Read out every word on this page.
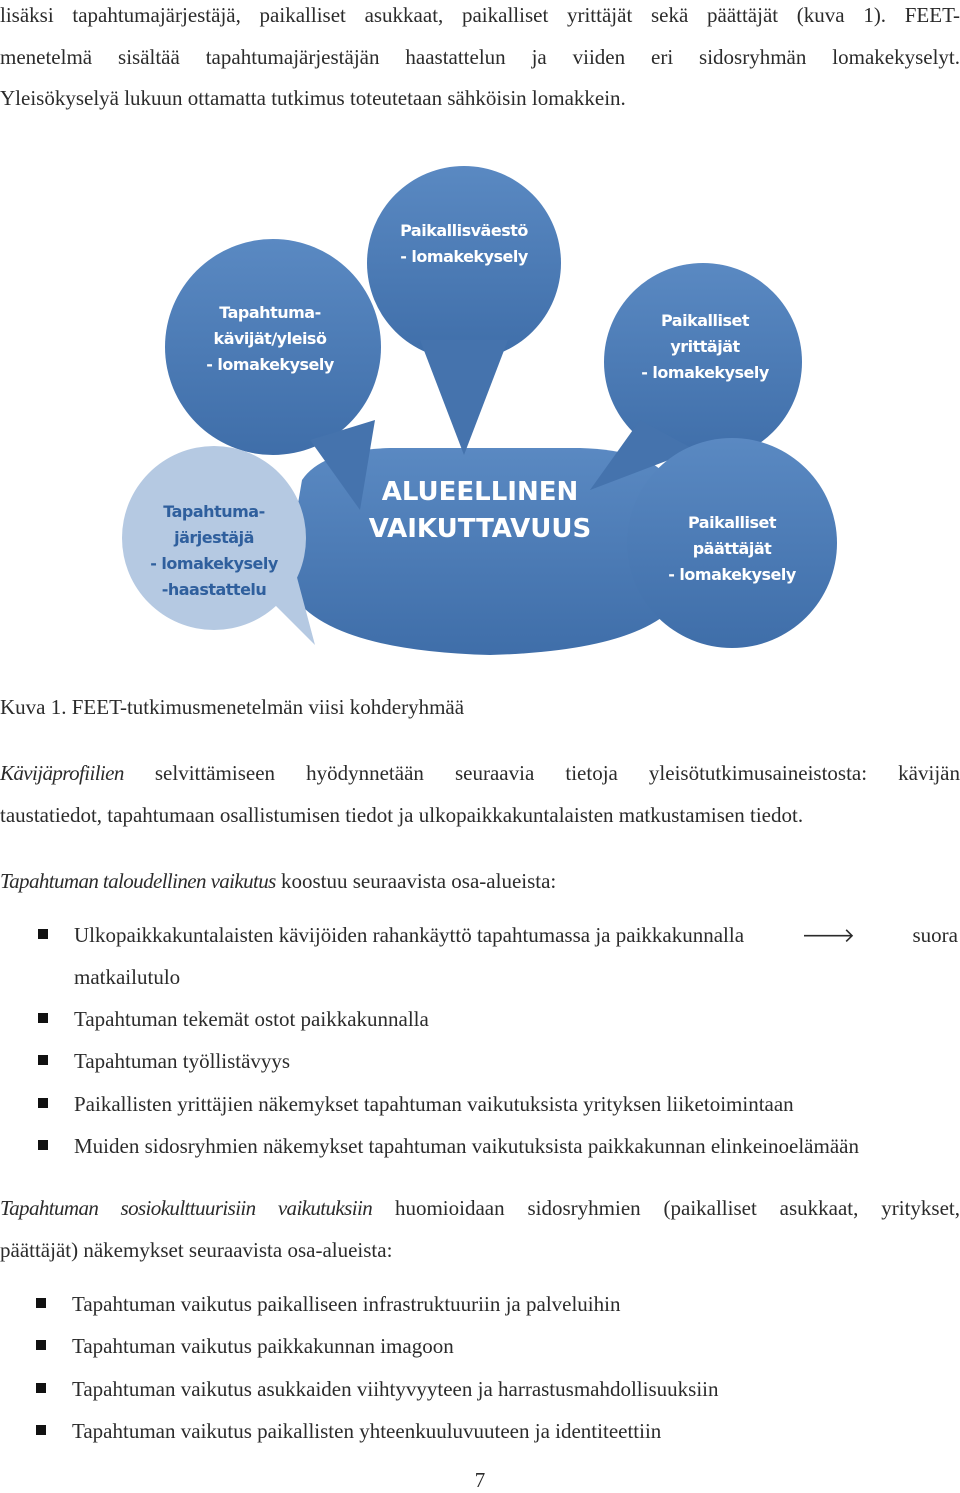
lisäksi tapahtumajärjestäjä, paikalliset asukkaat, paikalliset yrittäjät sekä päättäjät (kuva 1). FEET-
menetelmä sisältää tapahtumajärjestäjän haastattelun ja viiden eri sidosryhmän lomakekyselyt.
Yleisökyselyä lukuun ottamatta tutkimus toteutetaan sähköisin lomakkein.
Paikallisväestö
- lomakekysely
Tapahtuma-
kävijät/yleisö
- lomakekysely
Paikalliset
yrittäjät
- lomakekysely
ALUEELLINEN
VAIKUTTAVUUS	Paikalliset
päättäjät
- lomakekysely
Tapahtuma-
järjestäjä
- lomakekysely
-haastattelu
Kuva 1. FEET-tutkimusmenetelmän viisi kohderyhmää
Kävijäprofiilien selvittämiseen hyödynnetään seuraavia tietoja yleisötutkimusaineistosta: kävijän
taustatiedot, tapahtumaan osallistumisen tiedot ja ulkopaikkakuntalaisten matkustamisen tiedot.
Tapahtuman taloudellinen vaikutus koostuu seuraavista osa-alueista:
Ulkopaikkakuntalaisten kävijöiden rahankäyttö tapahtumassa ja paikkakunnalla	🡒	suora
matkailutulo
Tapahtuman tekemät ostot paikkakunnalla
Tapahtuman työllistävyys
Paikallisten yrittäjien näkemykset tapahtuman vaikutuksista yrityksen liiketoimintaan
Muiden sidosryhmien näkemykset tapahtuman vaikutuksista paikkakunnan elinkeinoelämään
Tapahtuman sosiokulttuurisiin vaikutuksiin huomioidaan sidosryhmien (paikalliset asukkaat, yritykset,
päättäjät) näkemykset seuraavista osa-alueista:
Tapahtuman vaikutus paikalliseen infrastruktuuriin ja palveluihin
Tapahtuman vaikutus paikkakunnan imagoon
Tapahtuman vaikutus asukkaiden viihtyvyyteen ja harrastusmahdollisuuksiin
Tapahtuman vaikutus paikallisten yhteenkuuluvuuteen ja identiteettiin
7
